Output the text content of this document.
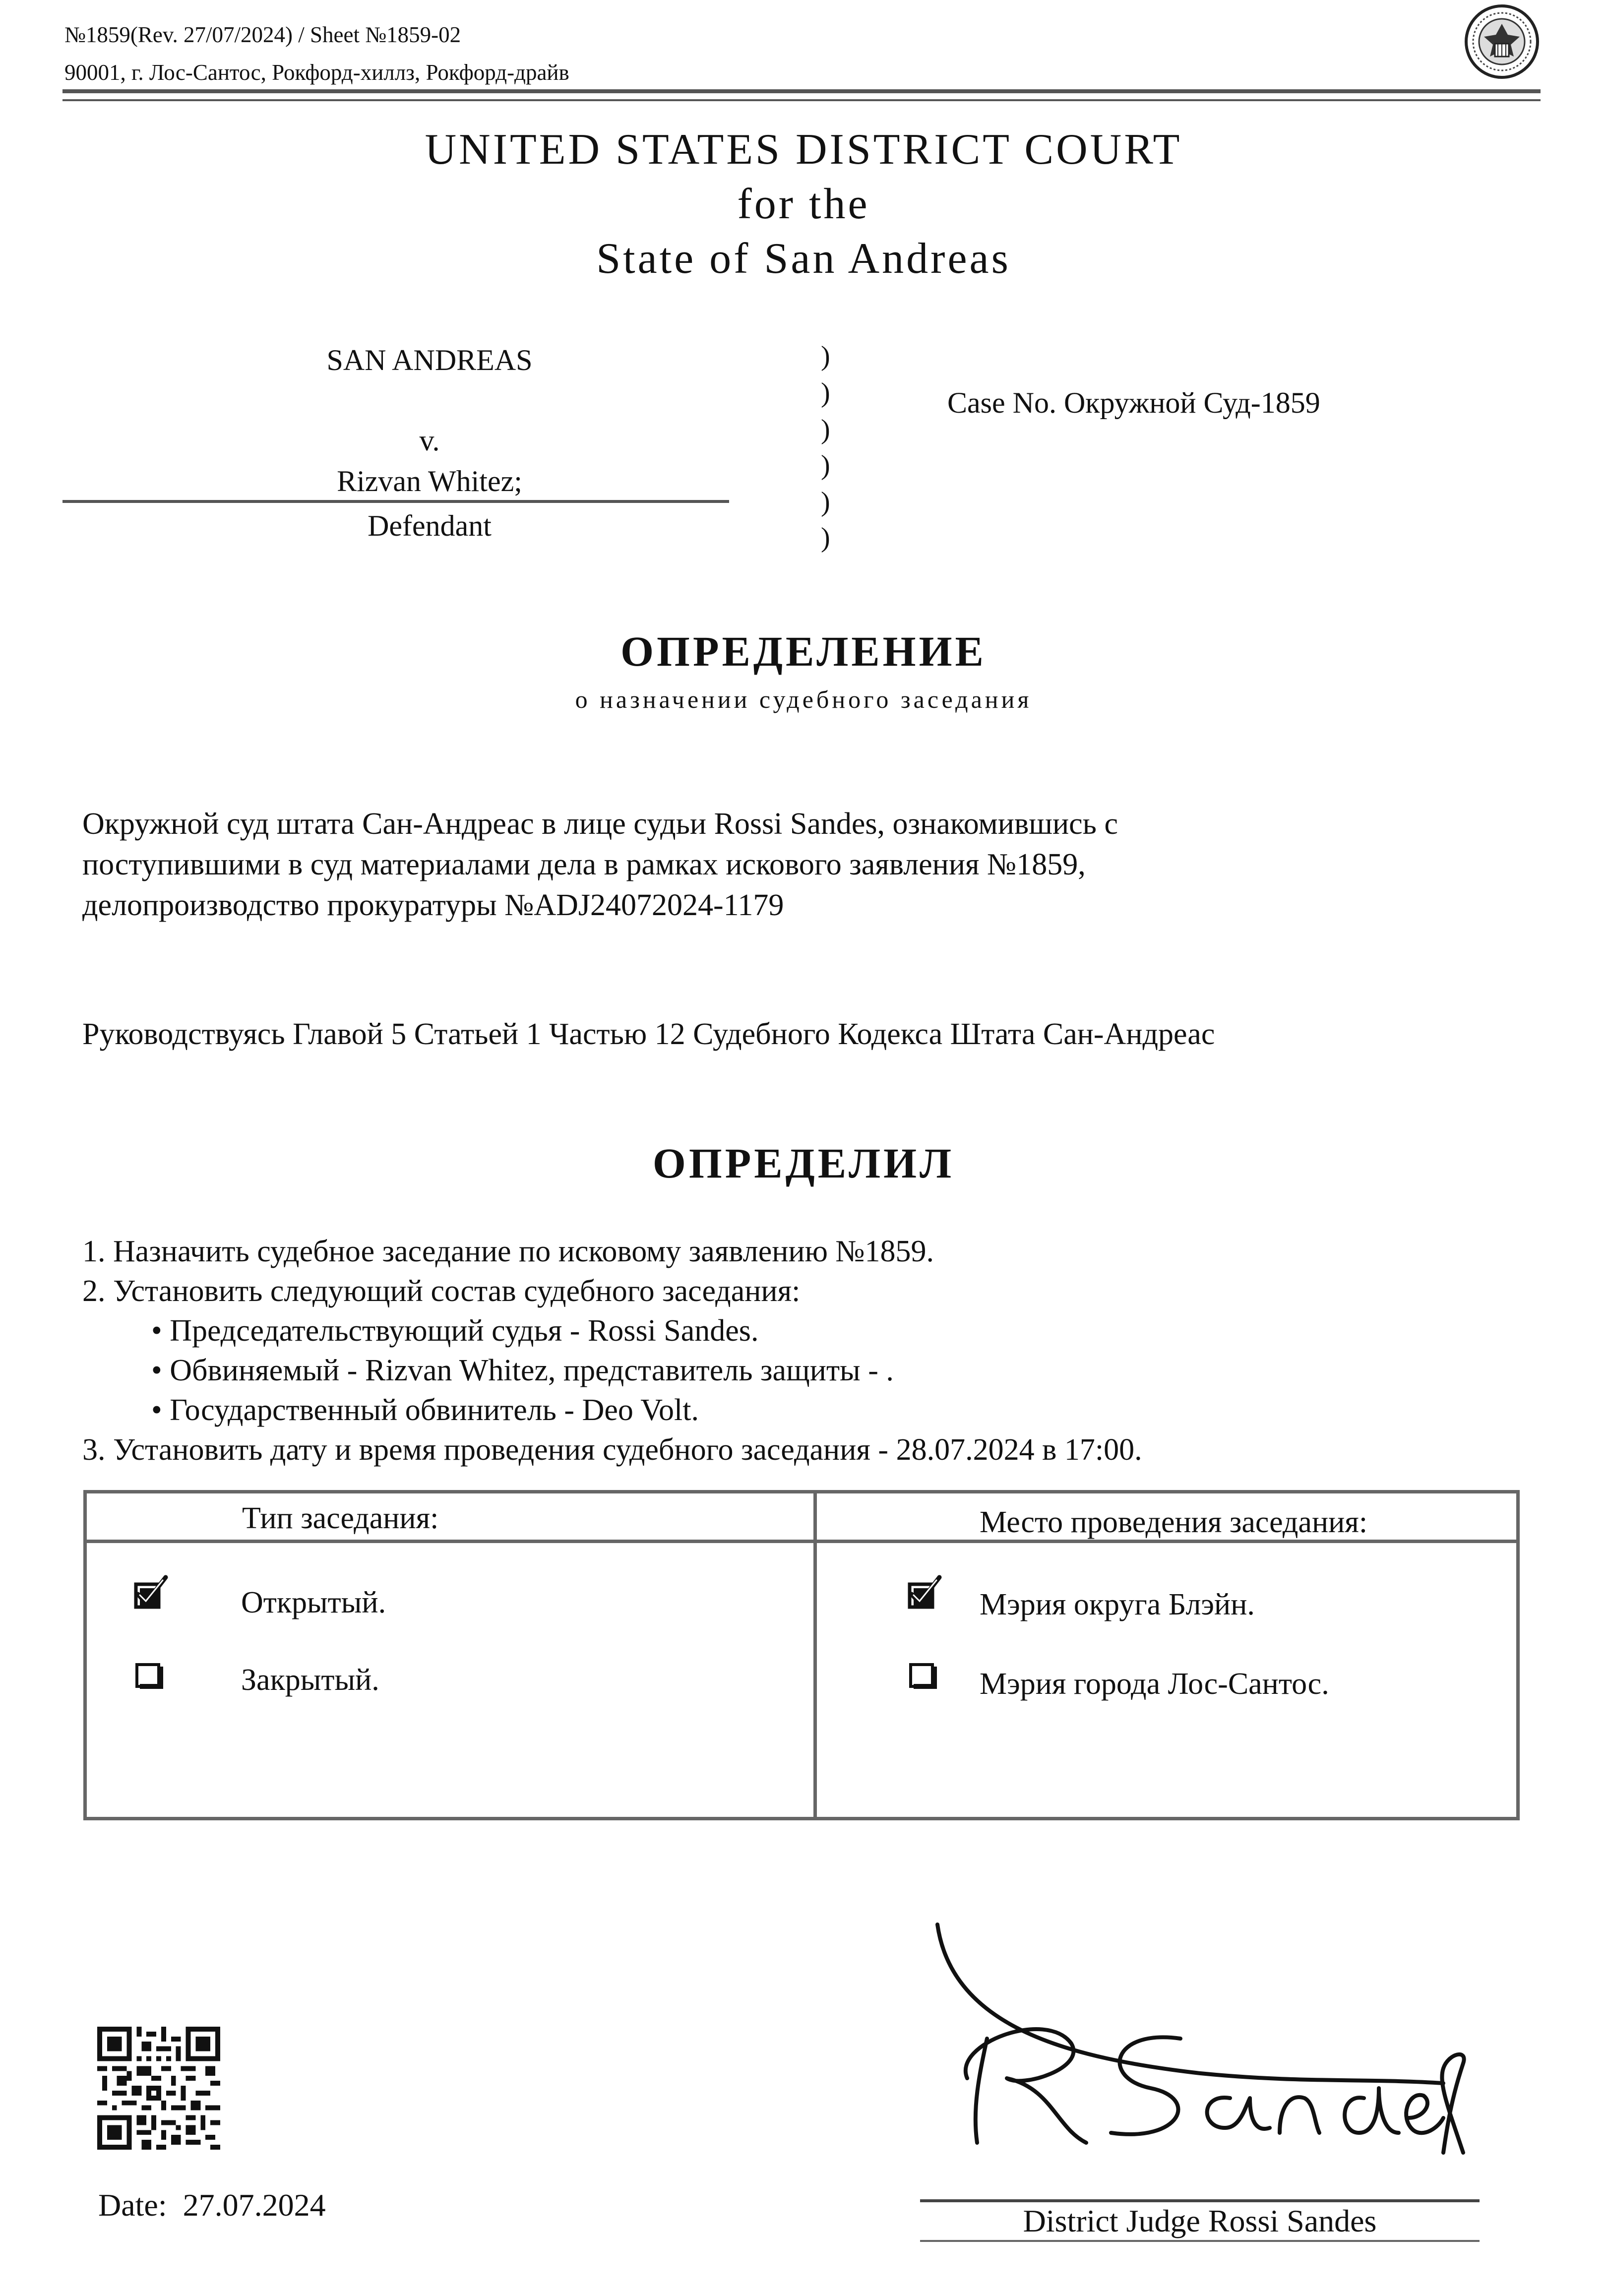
№1859(Rev. 27/07/2024) / Sheet №1859-02
90001, г. Лос-Сантос, Рокфорд-хиллз, Рокфорд-драйв
UNITED STATES DISTRICT COURT
for the
State of San Andreas
SAN ANDREAS
v.
Rizvan Whitez;
Defendant
)
)
)
)
)
)
Case No. Окружной Суд-1859
ОПРЕДЕЛЕНИЕ
о назначении судебного заседания
Окружной суд штата Сан-Андреас в лице судьи Rossi Sandes, ознакомившись с
поступившими в суд материалами дела в рамках искового заявления №1859,
делопроизводство прокуратуры №ADJ24072024-1179
Руководствуясь Главой 5 Статьей 1 Частью 12 Судебного Кодекса Штата Сан-Андреас
ОПРЕДЕЛИЛ
1. Назначить судебное заседание по исковому заявлению №1859.
2. Установить следующий состав судебного заседания:
• Председательствующий судья - Rossi Sandes.
• Обвиняемый - Rizvan Whitez, представитель защиты - .
• Государственный обвинитель - Deo Volt.
3. Установить дату и время проведения судебного заседания - 28.07.2024 в 17:00.
Тип заседания:	Место проведения заседания:
Открытый.
Закрытый.
Мэрия округа Блэйн.
Мэрия города Лос-Сантос.
Date: 27.07.2024	District Judge Rossi Sandes
